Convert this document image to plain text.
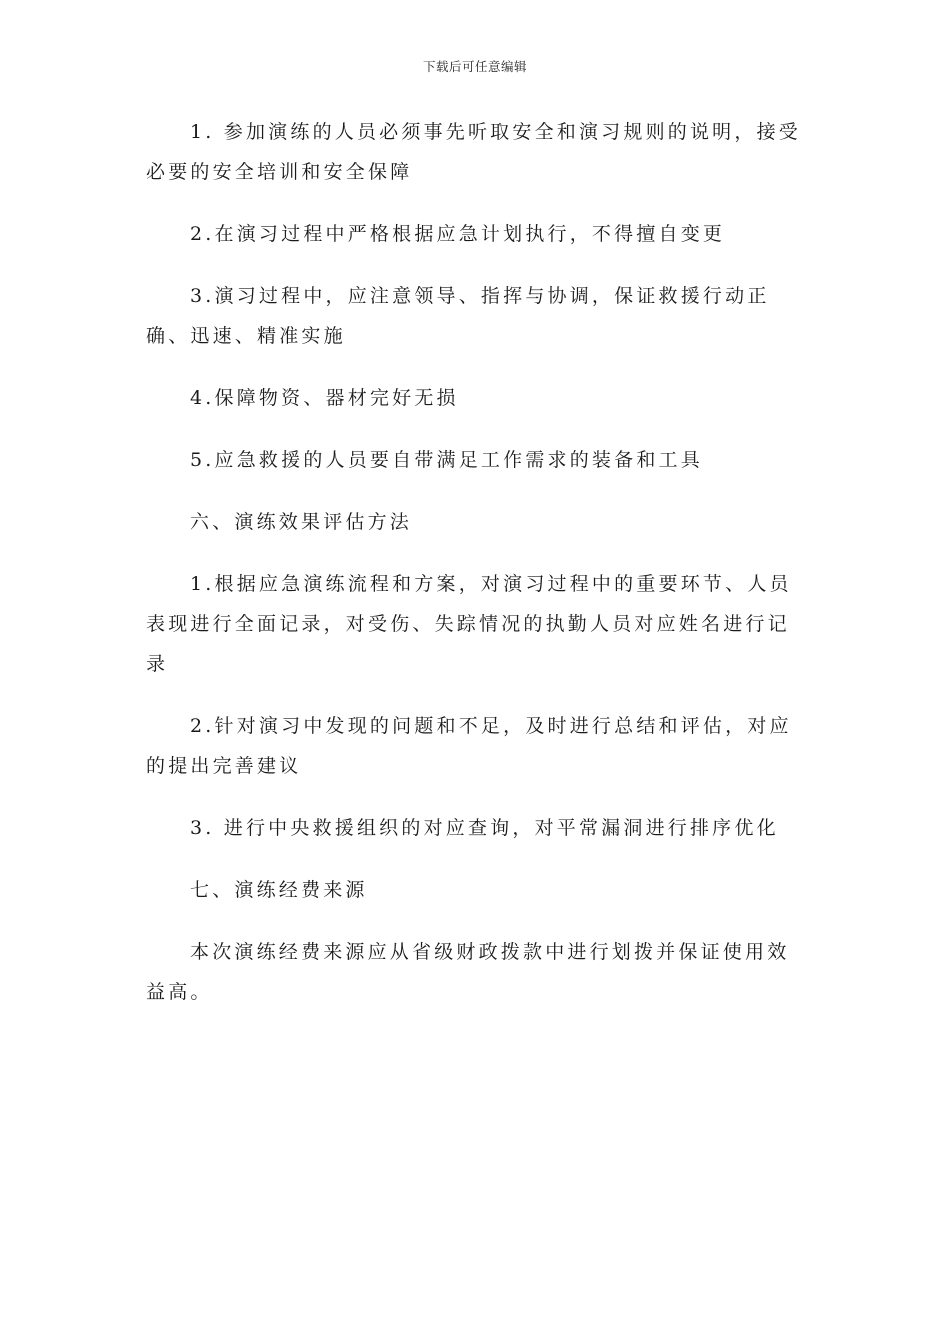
下载后可任意编辑

1. 参加演练的人员必须事先听取安全和演习规则的说明，接受必要的安全培训和安全保障

2.在演习过程中严格根据应急计划执行，不得擅自变更

3.演习过程中，应注意领导、指挥与协调，保证救援行动正确、迅速、精准实施

4.保障物资、器材完好无损

5.应急救援的人员要自带满足工作需求的装备和工具

六、演练效果评估方法

1.根据应急演练流程和方案，对演习过程中的重要环节、人员表现进行全面记录，对受伤、失踪情况的执勤人员对应姓名进行记录

2.针对演习中发现的问题和不足，及时进行总结和评估，对应的提出完善建议

3. 进行中央救援组织的对应查询，对平常漏洞进行排序优化

七、演练经费来源

本次演练经费来源应从省级财政拨款中进行划拨并保证使用效益高。
